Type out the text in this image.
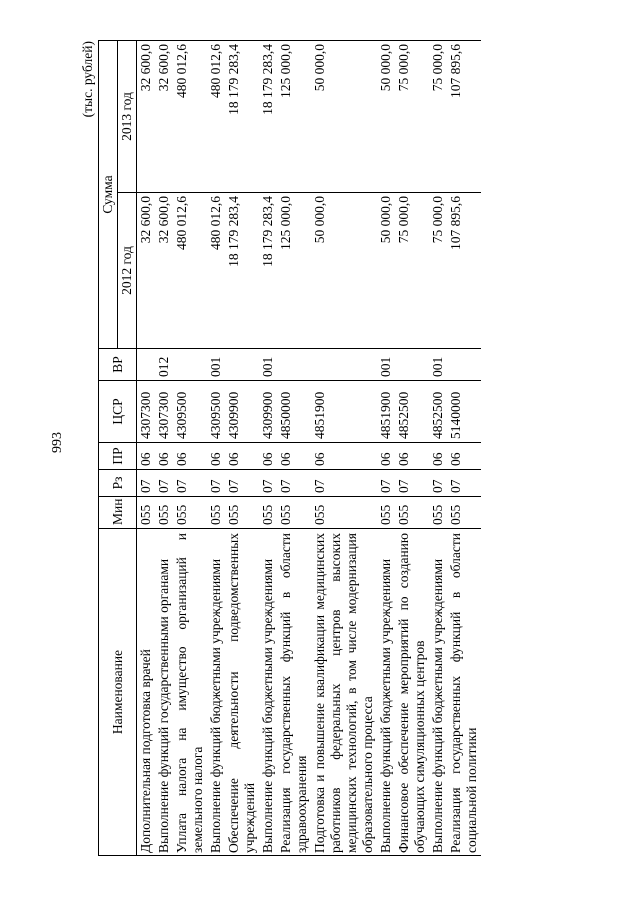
993
(тыс. рублей)
Наименование	Мин	Рз	ПР	ЦСР	ВР	Сумма	
						2012 год	2013 год
Дополнительная подготовка врачей	055	07	06	4307300		32 600,0	32 600,0
Выполнение функций государственными органами	055	07	06	4307300	012	32 600,0	32 600,0
Уплата налога на имущество организаций и земельного налога	055	07	06	4309500		480 012,6	480 012,6
Выполнение функций бюджетными учреждениями	055	07	06	4309500	001	480 012,6	480 012,6
Обеспечение деятельности подведомственных учреждений	055	07	06	4309900		18 179 283,4	18 179 283,4
Выполнение функций бюджетными учреждениями	055	07	06	4309900	001	18 179 283,4	18 179 283,4
Реализация государственных функций в области здравоохранения	055	07	06	4850000		125 000,0	125 000,0
Подготовка и повышение квалификации медицинских работников федеральных центров высоких медицинских технологий, в том числе модернизация образовательного процесса	055	07	06	4851900		50 000,0	50 000,0
Выполнение функций бюджетными учреждениями	055	07	06	4851900	001	50 000,0	50 000,0
Финансовое обеспечение мероприятий по созданию обучающих симуляционных центров	055	07	06	4852500		75 000,0	75 000,0
Выполнение функций бюджетными учреждениями	055	07	06	4852500	001	75 000,0	75 000,0
Реализация государственных функций в области социальной политики	055	07	06	5140000		107 895,6	107 895,6
